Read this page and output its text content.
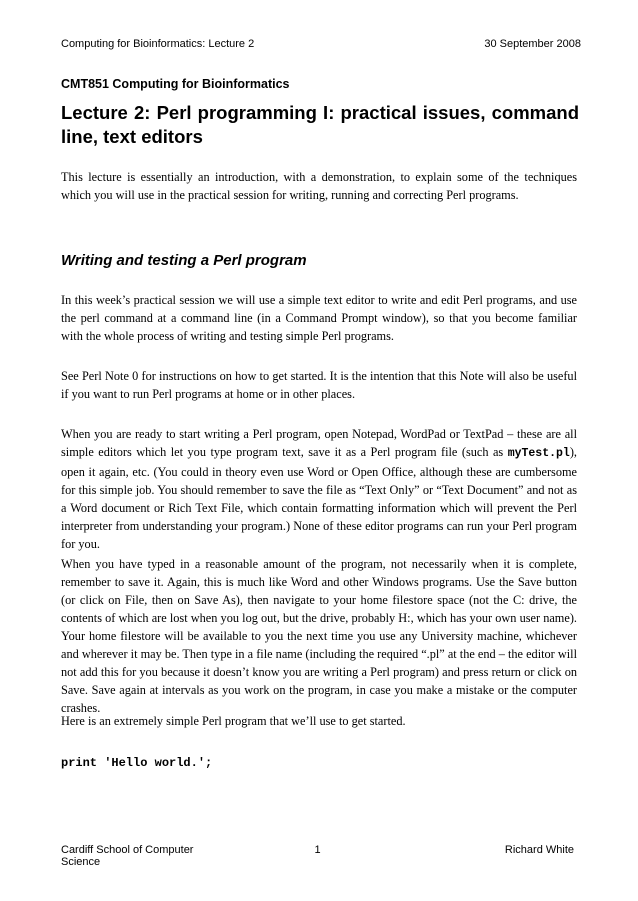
Computing for Bioinformatics: Lecture 2	30 September 2008
CMT851 Computing for Bioinformatics
Lecture 2: Perl programming I: practical issues, command line, text editors

This lecture is essentially an introduction, with a demonstration, to explain some of the techniques which you will use in the practical session for writing, running and correcting Perl programs.

Writing and testing a Perl program

In this week’s practical session we will use a simple text editor to write and edit Perl programs, and use the perl command at a command line (in a Command Prompt window), so that you become familiar with the whole process of writing and testing simple Perl programs.

See Perl Note 0 for instructions on how to get started. It is the intention that this Note will also be useful if you want to run Perl programs at home or in other places.

When you are ready to start writing a Perl program, open Notepad, WordPad or TextPad – these are all simple editors which let you type program text, save it as a Perl program file (such as myTest.pl), open it again, etc. (You could in theory even use Word or Open Office, although these are cumbersome for this simple job. You should remember to save the file as “Text Only” or “Text Document” and not as a Word document or Rich Text File, which contain formatting information which will prevent the Perl interpreter from understanding your program.) None of these editor programs can run your Perl program for you.

When you have typed in a reasonable amount of the program, not necessarily when it is complete, remember to save it. Again, this is much like Word and other Windows programs. Use the Save button (or click on File, then on Save As), then navigate to your home filestore space (not the C: drive, the contents of which are lost when you log out, but the drive, probably H:, which has your own user name). Your home filestore will be available to you the next time you use any University machine, whichever and wherever it may be. Then type in a file name (including the required “.pl” at the end – the editor will not add this for you because it doesn’t know you are writing a Perl program) and press return or click on Save. Save again at intervals as you work on the program, in case you make a mistake or the computer crashes.

Here is an extremely simple Perl program that we’ll use to get started.

print 'Hello world.';
Cardiff School of Computer Science
1	Richard White
